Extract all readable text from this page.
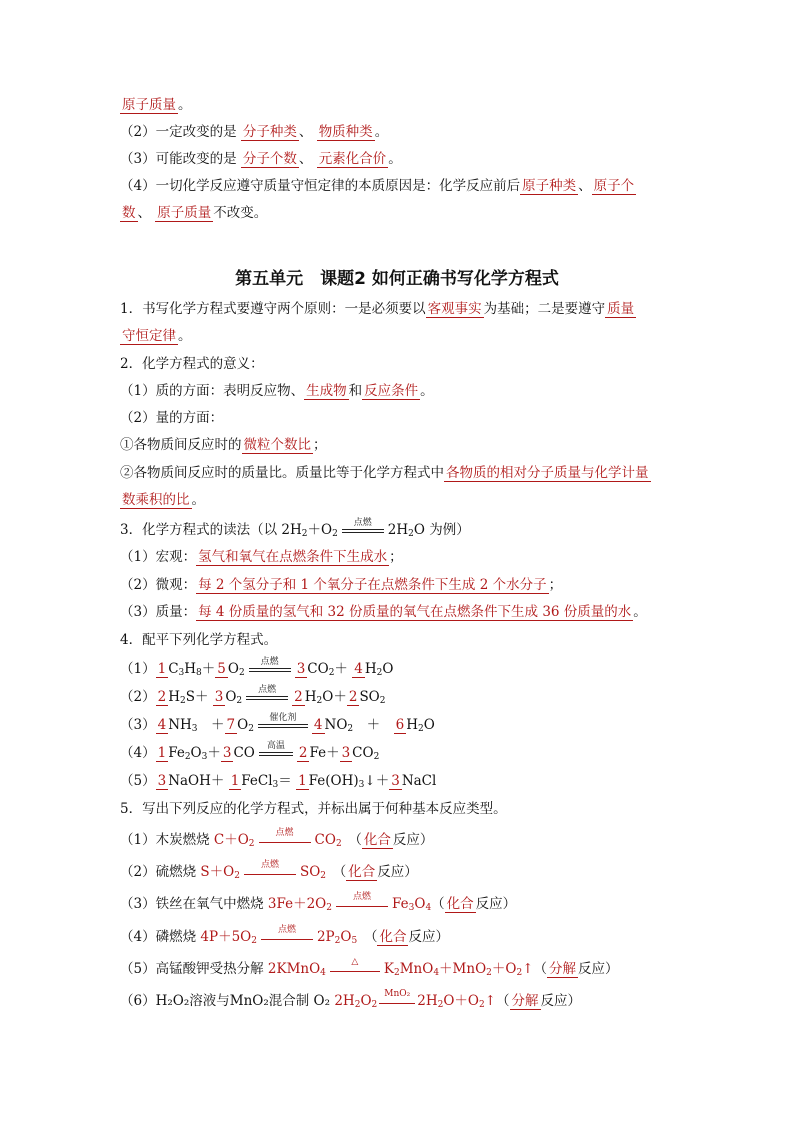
原子质量 。
（2）一定改变的是 分子种类 、 物质种类 。
（3）可能改变的是 分子个数 、 元素化合价 。
（4）一切化学反应遵守质量守恒定律的本质原因是：化学反应前后 原子种类 、 原子个
数 、 原子质量 不改变。
第五单元　课题2 如何正确书写化学方程式
1．书写化学方程式要遵守两个原则：一是必须要以 客观事实 为基础；二是要遵守 质量
守恒定律 。
2．化学方程式的意义：
（1）质的方面：表明反应物、 生成物 和 反应条件 。
（2）量的方面：
①各物质间反应时的 微粒个数比 ；
②各物质间反应时的质量比。质量比等于化学方程式中 各物质的相对分子质量与化学计量
数乘积的比 。
3．化学方程式的读法（以 $2H_2+O_2$
点燃	$2H_2O$ 为例）
（1）宏观： 氢气和氧气在点燃条件下生成水 ；
（2）微观： 每 2 个氢分子和 1 个氧分子在点燃条件下生成 2 个水分子 ；
（3）质量： 每 4 份质量的氢气和 32 份质量的氧气在点燃条件下生成 36 份质量的水 。
4．配平下列化学方程式。
（1） 1 $C_3H_8+ 5$ $O_2$
点燃	3 $CO_2+ 4$ $H_2O$
（2） 2 $H_2S+ 3$ $O_2$
点燃	2 $H_2O+ 2$ $SO_2$
（3） 4 $NH_3$　＋ 7 $O_2$
催化剂	4 $NO_2$　＋　6 $H_2O$
（4） 1 $Fe_2O_3+ 3$ CO	高温	2 Fe＋ 3 $CO_2$
（5） 3 NaOH＋ 1 FeCl$_3$＝ 1 $Fe(OH)_3↓+ 3$ NaCl
5．写出下列反应的化学方程式，并标出属于何种基本反应类型。
（1）木炭燃烧 $C+O_2$
点燃	$CO_2$　（ 化合 反应）
（2）硫燃烧 $S+O_2$
点燃	$SO_2$　（ 化合 反应）
（3）铁丝在氧气中燃烧 $3Fe+2O_2$
点燃	$Fe_3O_4$（ 化合 反应）
（4）磷燃烧 $4P+5O_2$
点燃	$2P_2O_5$　（ 化合 反应）
（5）高锰酸钾受热分解 2KMnO$_4$
△	$K_2MnO_4+MnO_2+O_2↑$（ 分解 反应）
（6）H₂O₂溶液与MnO₂混合制 O₂ $2H_2O_2$
MnO₂ $2H_2O+O_2↑$（ 分解 反应）
